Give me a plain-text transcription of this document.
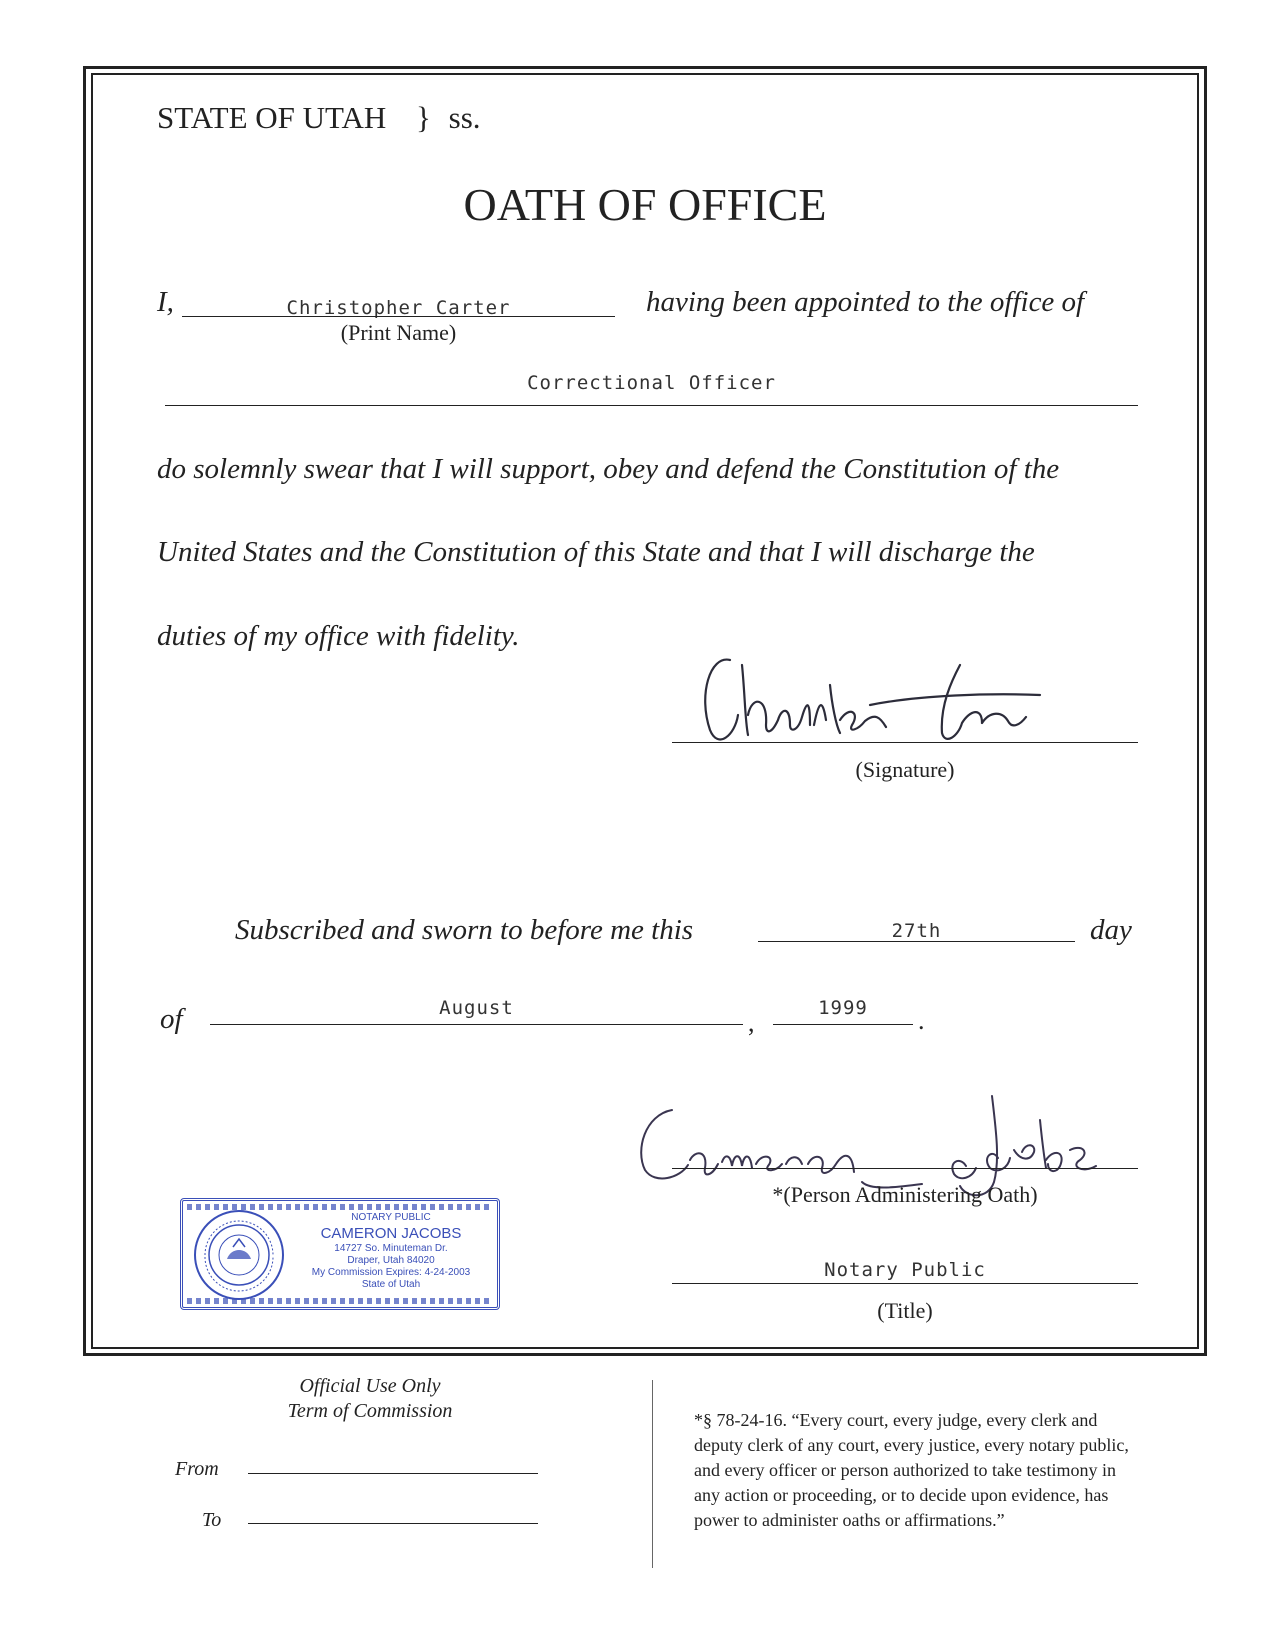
STATE OF UTAH } ss.
OATH OF OFFICE
I,	Christopher Carter
(Print Name)
having been appointed to the office of
Correctional Officer
do solemnly swear that I will support, obey and defend the Constitution of the
United States and the Constitution of this State and that I will discharge the
duties of my office with fidelity.
(Signature)
Subscribed and sworn to before me this	27th	day
of	August	,	1999	.
*(Person Administering Oath)
Notary Public
(Title)
NOTARY PUBLIC
CAMERON JACOBS
14727 So. Minuteman Dr.
Draper, Utah 84020
My Commission Expires: 4-24-2003
State of Utah
Official Use Only
Term of Commission
From
To
*§ 78-24-16. “Every court, every judge, every clerk and
deputy clerk of any court, every justice, every notary public,
and every officer or person authorized to take testimony in
any action or proceeding, or to decide upon evidence, has
power to administer oaths or affirmations.”
